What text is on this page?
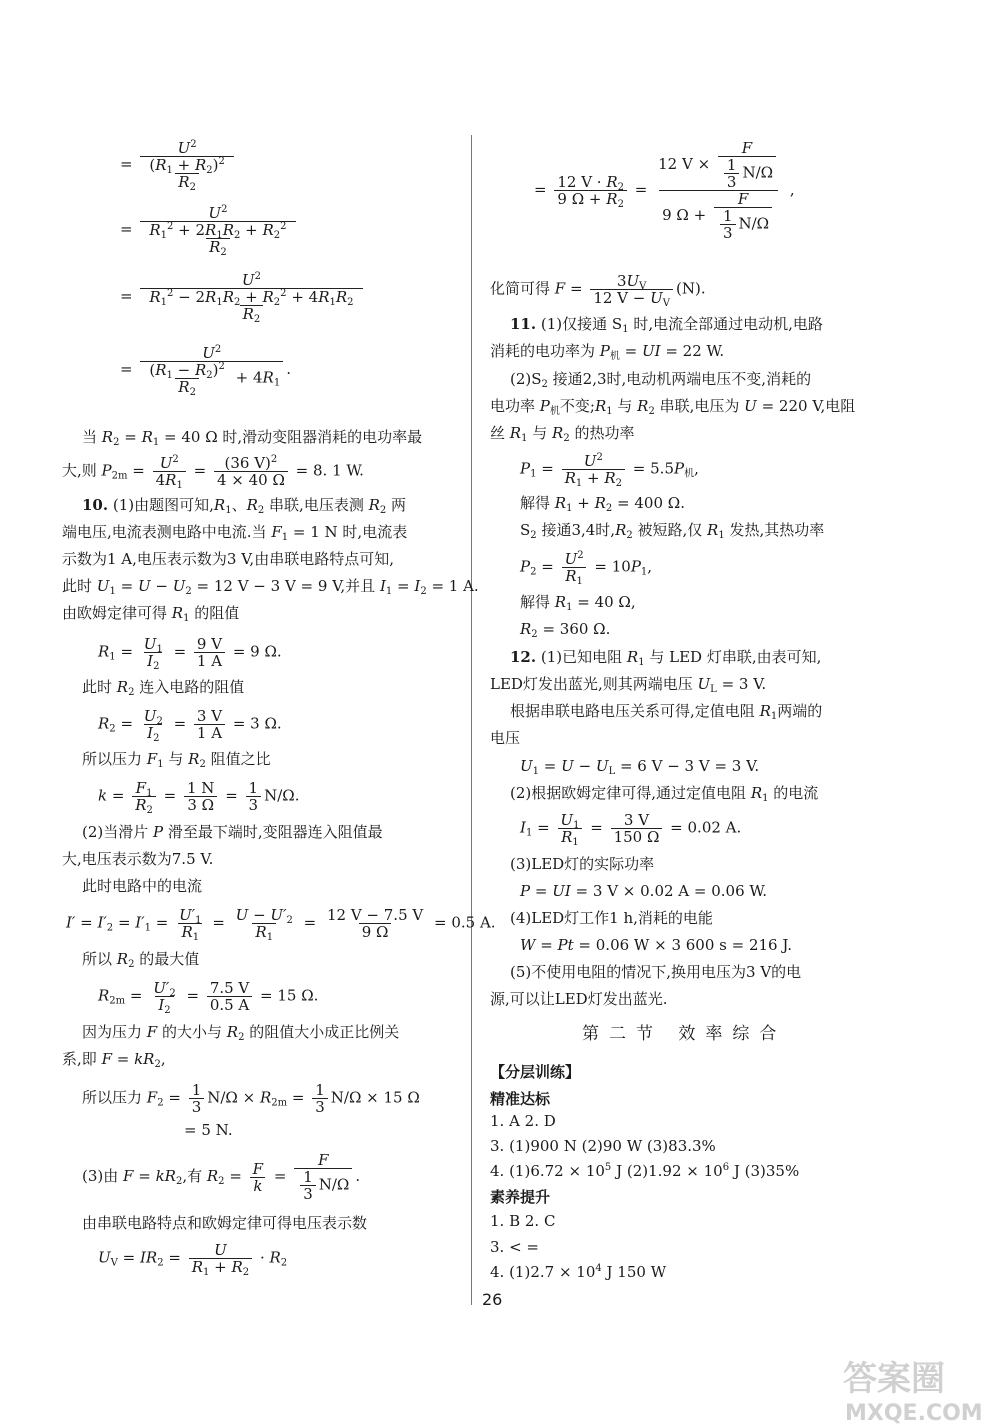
= $\frac{U^2}{\frac{(R_1 + R_2)^2}{R_2}}$
= $\frac{U^2}{\frac{R_1^2 + 2R_1R_2 + R_2^2}{R_2}}$
= $\frac{U^2}{\frac{R_1^2 - 2R_1R_2 + R_2^2 + 4R_1R_2}{R_2}}$
= $\frac{U^2}{\frac{(R_1 - R_2)^2}{R_2} + 4R_1}$ .
当 $R_2 = R_1 = 40$ Ω 时,滑动变阻器消耗的电功率最
大,则 $P_{2m} = \frac{U^2}{4R_1} = \frac{(36 V)^2}{4 \times 40 \Omega} = 8$. 1 W.
10. (1)由题图可知$,R_1$、$R_2$ 串联,电压表测 $R_2$ 两
端电压,电流表测电路中电流.当 $F_1 = 1$ N 时,电流表
示数为1 A,电压表示数为3 V,由串联电路特点可知,
此时 $U_1 = U - U_2 = 12$ V − 3 V = 9 V,并且 $I_1 = I_2 = 1$ A.
由欧姆定律可得 $R_1$ 的阻值
$R_1 = \frac{U_1}{I_2} = \frac{9 V}{1 A} = 9$ Ω.
此时 $R_2$ 连入电路的阻值
$R_2 = \frac{U_2}{I_2} = \frac{3 V}{1 A} = 3$ Ω.
所以压力 $F_1$ 与 $R_2$ 阻值之比
$k = \frac{F_1}{R_2} = \frac{1 N}{3 \Omega} = \frac{1}{3} N/\Omega$.
(2)当滑片 P 滑至最下端时,变阻器连入阻值最
大,电压表示数为7.5 V.
此时电路中的电流
$I' = I'_2 = I'_1 = \frac{U'_1}{R_1} = \frac{U - U'_2}{R_1} = \frac{12 V - 7.5 V}{9 \Omega} = 0.5$ A.
所以 $R_2$ 的最大值
$R_{2m} = \frac{U'_2}{I_2} = \frac{7.5 V}{0.5 A} = 15$ Ω.
因为压力 F 的大小与 $R_2$ 的阻值大小成正比例关
系,即 $F = kR_2$,
所以压力 $F_2 = \frac{1}{3} N/\Omega \times R_{2m} = \frac{1}{3} N/\Omega \times 15$ Ω
= 5 N.
(3)由 $F = kR_2$,有 $R_2 = \frac{F}{k} = \frac{F}{\frac{1}{3} N/\Omega}$ .
由串联电路特点和欧姆定律可得电压表示数
$U_V = IR_2 = \frac{U}{R_1 + R_2} \cdot R_2$
= $\frac{12 V \cdot R_2}{9 \Omega + R_2} = \frac{12 V \times \frac{F}{\frac{1}{3} N/\Omega}}{9 \Omega + \frac{F}{\frac{1}{3} N/\Omega}}$ ,
化简可得 $F = \frac{3U_V}{12 V - U_V} (N)$.
11. (1)仅接通 $S_1$ 时,电流全部通过电动机,电路
消耗的电功率为 $P_机$ = UI = 22 W.
$(2)S_2$ 接通2,3时,电动机两端电压不变,消耗的
电功率 $P_机$不变$;R_1$ 与 $R_2$ 串联,电压为 U = 220 V,电阻
丝 $R_1$ 与 $R_2$ 的热功率
$P_1 = \frac{U^2}{R_1 + R_2} = 5.5P_机$,
解得 $R_1 + R_2 = 400$ Ω.
$S_2$ 接通3,4时$,R_2$ 被短路,仅 $R_1$ 发热,其热功率
$P_2 = \frac{U^2}{R_1} = 10P_1$,
解得 $R_1 = 40$ Ω,
$R_2 = 360$ Ω.
12. (1)已知电阻 $R_1$ 与 LED 灯串联,由表可知,
LED灯发出蓝光,则其两端电压 $U_L = 3$ V.
根据串联电路电压关系可得,定值电阻 $R_1$两端的
电压
$U_1 = U - U_L = 6$ V − 3 V = 3 V.
(2)根据欧姆定律可得,通过定值电阻 $R_1$ 的电流
$I_1 = \frac{U_1}{R_1} = \frac{3 V}{150 \Omega} = 0.02$ A.
(3)LED灯的实际功率
P = UI = 3 V × 0.02 A = 0.06 W.
(4)LED灯工作1 h,消耗的电能
W = Pt = 0.06 W × 3 600 s = 216 J.
(5)不使用电阻的情况下,换用电压为3 V的电
源,可以让LED灯发出蓝光.
第二节 效率综合
【分层训练】
精准达标
1. A 2. D
3. (1)900 N (2)90 W (3)83.3%
4. $(1)6.72 \times 10^5$ J $(2)1.92 \times 10^6$ J (3)35%
素养提升
1. B 2. C
3. < =
4. $(1)2.7 \times 10^4$ J 150 W
26
答案圈
MXQE.COM
